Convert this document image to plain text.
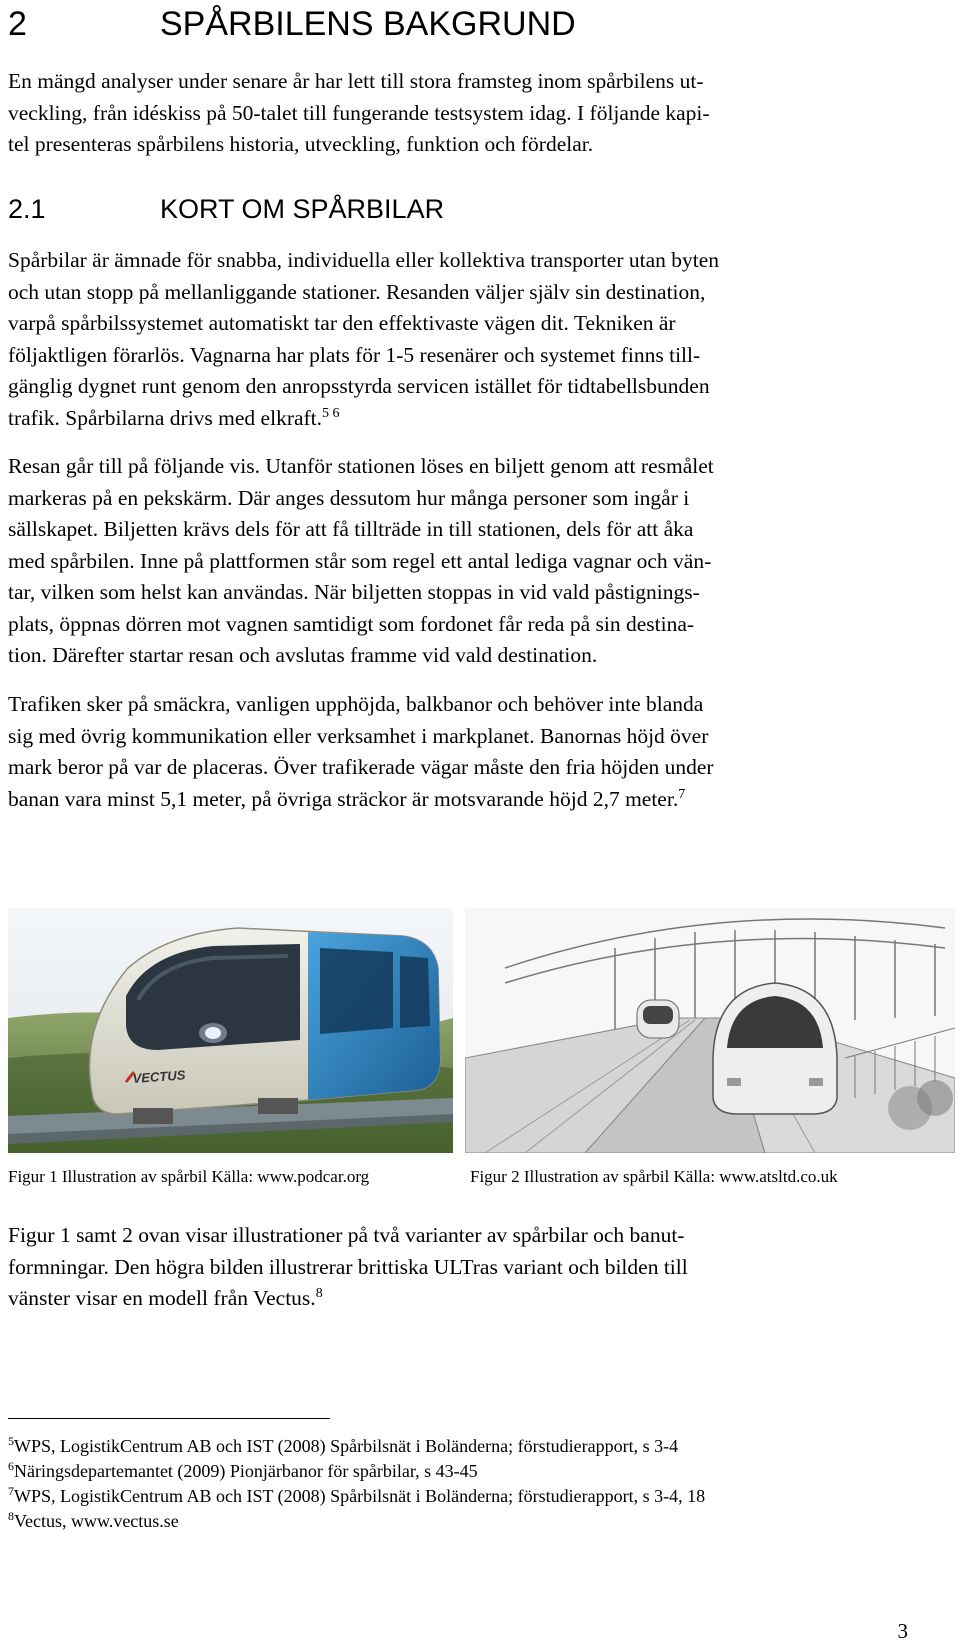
2	SPÅRBILENS BAKGRUND

En mängd analyser under senare år har lett till stora framsteg inom spårbilens ut-
veckling, från idéskiss på 50-talet till fungerande testsystem idag. I följande kapi-
tel presenteras spårbilens historia, utveckling, funktion och fördelar.

2.1	KORT OM SPÅRBILAR

Spårbilar är ämnade för snabba, individuella eller kollektiva transporter utan byten
och utan stopp på mellanliggande stationer. Resanden väljer själv sin destination,
varpå spårbilssystemet automatiskt tar den effektivaste vägen dit. Tekniken är
följaktligen förarlös. Vagnarna har plats för 1-5 resenärer och systemet finns till-
gänglig dygnet runt genom den anropsstyrda servicen istället för tidtabellsbunden
trafik. Spårbilarna drivs med elkraft.$^{5 6}$

Resan går till på följande vis. Utanför stationen löses en biljett genom att resmålet
markeras på en pekskärm. Där anges dessutom hur många personer som ingår i
sällskapet. Biljetten krävs dels för att få tillträde in till stationen, dels för att åka
med spårbilen. Inne på plattformen står som regel ett antal lediga vagnar och vän-
tar, vilken som helst kan användas. När biljetten stoppas in vid vald påstignings-
plats, öppnas dörren mot vagnen samtidigt som fordonet får reda på sin destina-
tion. Därefter startar resan och avslutas framme vid vald destination.

Trafiken sker på smäckra, vanligen upphöjda, balkbanor och behöver inte blanda
sig med övrig kommunikation eller verksamhet i markplanet. Banornas höjd över
mark beror på var de placeras. Över trafikerade vägar måste den fria höjden under
banan vara minst 5,1 meter, på övriga sträckor är motsvarande höjd 2,7 meter.$^7$

VECTUS
Figur 1 Illustration av spårbil Källa: www.podcar.org	Figur 2 Illustration av spårbil Källa: www.atsltd.co.uk

Figur 1 samt 2 ovan visar illustrationer på två varianter av spårbilar och banut-
formningar. Den högra bilden illustrerar brittiska ULTras variant och bilden till
vänster visar en modell från Vectus.$^8$

$^5$WPS, LogistikCentrum AB och IST (2008) Spårbilsnät i Boländerna; förstudierapport, s 3-4
$^6$Näringsdepartemantet (2009) Pionjärbanor för spårbilar, s 43-45
$^7$WPS, LogistikCentrum AB och IST (2008) Spårbilsnät i Boländerna; förstudierapport, s 3-4, 18
$^8$Vectus, www.vectus.se
3
